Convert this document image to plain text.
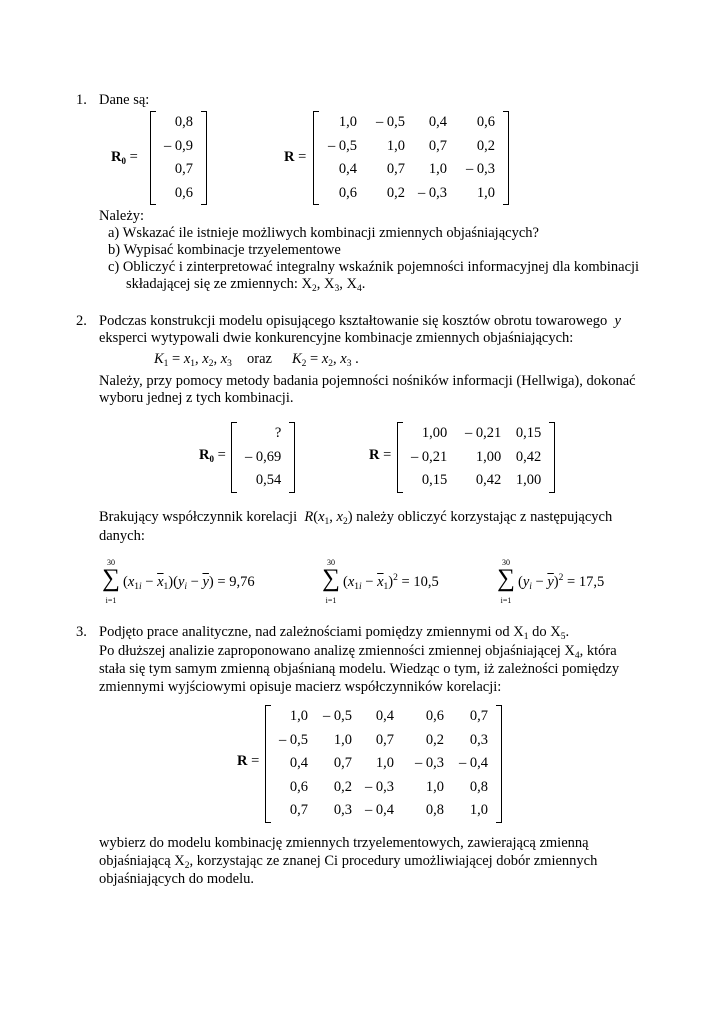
1. Dane są:
$R_0$ =
0,8
– 0,9
0,7
0,6
R =
1,0	– 0,5	0,4	0,6
– 0,5	1,0	0,7	0,2
0,4	0,7	1,0	– 0,3
0,6	0,2	– 0,3	1,0
Należy:
a) Wskazać ile istnieje możliwych kombinacji zmiennych objaśniających?
b) Wypisać kombinacje trzyelementowe
c) Obliczyć i zinterpretować integralny wskaźnik pojemności informacyjnej dla kombinacji
składającej się ze zmiennych: $X_2$, $X_3$, $X_4$.
2. Podczas konstrukcji modelu opisującego kształtowanie się kosztów obrotu towarowego y
eksperci wytypowali dwie konkurencyjne kombinacje zmiennych objaśniających:
$K_1 = x_1$, $x_2$, $x_3$ oraz $K_2 = x_2$, $x_3$ .
Należy, przy pomocy metody badania pojemności nośników informacji (Hellwiga), dokonać
wyboru jednej z tych kombinacji.
$R_0$ =
?
– 0,69
0,54
R =
1,00	– 0,21	0,15
– 0,21	1,00	0,42
0,15	0,42	1,00
Brakujący współczynnik korelacji $R(x_1$, $x_2$) należy obliczyć korzystając z następujących
danych:
30
∑
i=1
$(x_{1i} - \overline{x}_1)(y_i - \overline{y}) = 9,76$
30
∑
i=1
$(x_{1i} - \overline{x}_1)^2 = 10,5$
30
∑
i=1
$(y_i - \overline{y})^2 = 17,5$
3. Podjęto prace analityczne, nad zależnościami pomiędzy zmiennymi od $X_1$ do $X_5$.
Po dłuższej analizie zaproponowano analizę zmienności zmiennej objaśniającej $X_4$, która
stała się tym samym zmienną objaśnianą modelu. Wiedząc o tym, iż zależności pomiędzy
zmiennymi wyjściowymi opisuje macierz współczynników korelacji:
R =
1,0	– 0,5	0,4	0,6	0,7
– 0,5	1,0	0,7	0,2	0,3
0,4	0,7	1,0	– 0,3	– 0,4
0,6	0,2	– 0,3	1,0	0,8
0,7	0,3	– 0,4	0,8	1,0
wybierz do modelu kombinację zmiennych trzyelementowych, zawierającą zmienną
objaśniającą $X_2$, korzystając ze znanej Ci procedury umożliwiającej dobór zmiennych
objaśniających do modelu.
